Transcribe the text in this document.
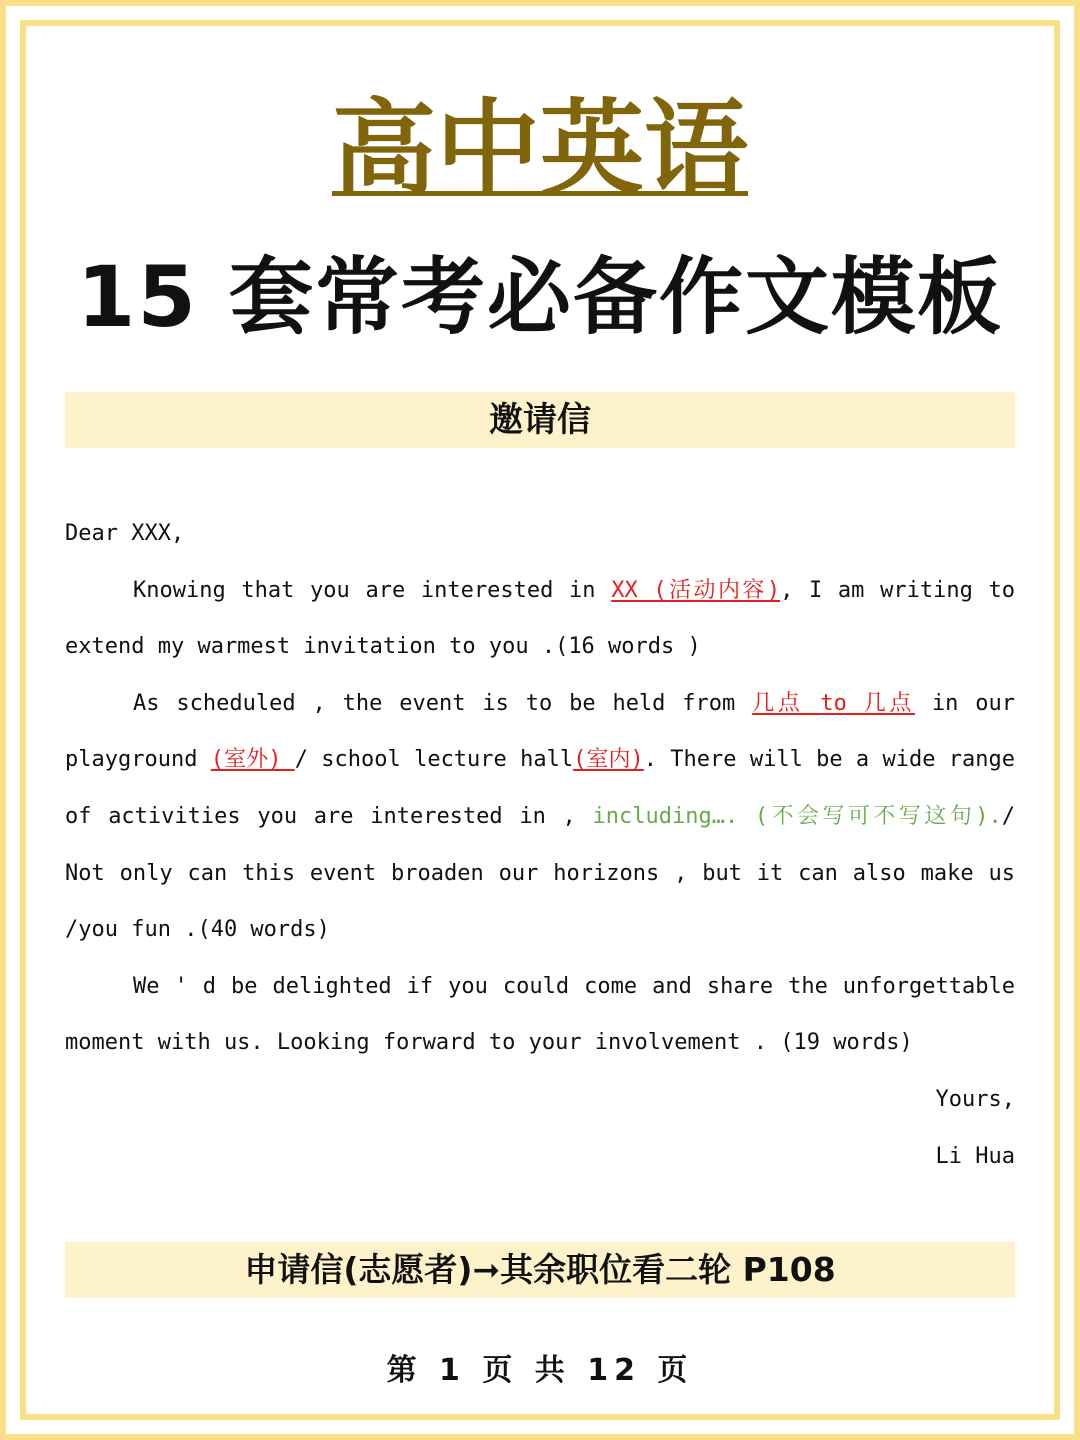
高中英语
15 套常考必备作文模板
邀请信
Dear XXX,
Knowing that you are interested in XX (活动内容), I am writing to
extend my warmest invitation to you .(16 words )
As scheduled , the event is to be held from 几点 to 几点 in our
playground (室外) / school lecture hall(室内). There will be a wide range
of activities you are interested in , including…. (不会写可不写这句)./
Not only can this event broaden our horizons , but it can also make us
/you fun .(40 words)
We ' d be delighted if you could come and share the unforgettable
moment with us. Looking forward to your involvement . (19 words)
Yours,
Li Hua
申请信(志愿者)➞其余职位看二轮 P108
第 1 页 共 12 页
